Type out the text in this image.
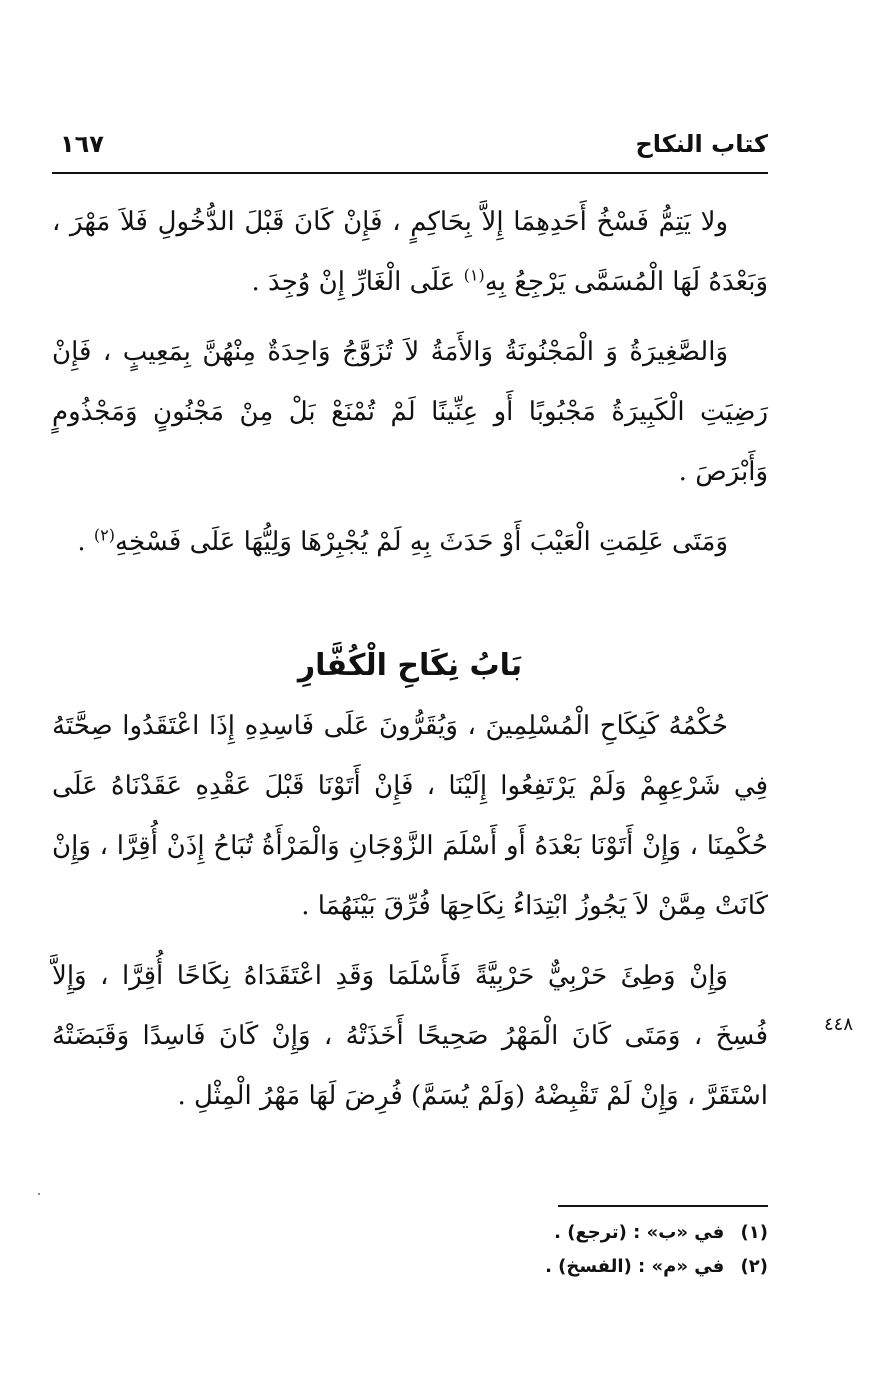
١٦٧	كتاب النكاح

ولا يَتِمُّ فَسْخُ أَحَدِهِمَا إِلاَّ بِحَاكِمٍ ، فَإِنْ كَانَ قَبْلَ الدُّخُولِ فَلاَ مَهْرَ ، وَبَعْدَهُ لَهَا الْمُسَمَّى يَرْجِعُ بِهِ$^{(١)}$ عَلَى الْغَارِّ إِنْ وُجِدَ .

وَالصَّغِيرَةُ وَ الْمَجْنُونَةُ وَالأَمَةُ لاَ تُزَوَّجُ وَاحِدَةٌ مِنْهُنَّ بِمَعِيبٍ ، فَإِنْ رَضِيَتِ الْكَبِيرَةُ مَجْبُوبًا أَو عِنِّينًا لَمْ تُمْنَعْ بَلْ مِنْ مَجْنُونٍ وَمَجْذُومٍ وَأَبْرَصَ .

وَمَتَى عَلِمَتِ الْعَيْبَ أَوْ حَدَثَ بِهِ لَمْ يُجْبِرْهَا وَلِيُّهَا عَلَى فَسْخِهِ$^{(٢)}$ .

بَابُ نِكَاحِ الْكُفَّارِ

حُكْمُهُ كَنِكَاحِ الْمُسْلِمِينَ ، وَيُقَرُّونَ عَلَى فَاسِدِهِ إِذَا اعْتَقَدُوا صِحَّتَهُ فِي شَرْعِهِمْ وَلَمْ يَرْتَفِعُوا إِلَيْنَا ، فَإِنْ أَتَوْنَا قَبْلَ عَقْدِهِ عَقَدْنَاهُ عَلَى حُكْمِنَا ، وَإِنْ أَتَوْنَا بَعْدَهُ أَو أَسْلَمَ الزَّوْجَانِ وَالْمَرْأَةُ تُبَاحُ إِذَنْ أُقِرَّا ، وَإِنْ كَانَتْ مِمَّنْ لاَ يَجُوزُ ابْتِدَاءُ نِكَاحِهَا فُرِّقَ بَيْنَهُمَا .

وَإِنْ وَطِئَ حَرْبِيٌّ حَرْبِيَّةً فَأَسْلَمَا وَقَدِ اعْتَقَدَاهُ نِكَاحًا أُقِرَّا ، وَإِلاَّ فُسِخَ ، وَمَتَى كَانَ الْمَهْرُ صَحِيحًا أَخَذَتْهُ ، وَإِنْ كَانَ فَاسِدًا وَقَبَضَتْهُ اسْتَقَرَّ ، وَإِنْ لَمْ تَقْبِضْهُ (وَلَمْ يُسَمَّ) فُرِضَ لَهَا مَهْرُ الْمِثْلِ .

٤٤٨

(١) في «ب» : (ترجع) .

(٢) في «م» : (الفسخ) .
